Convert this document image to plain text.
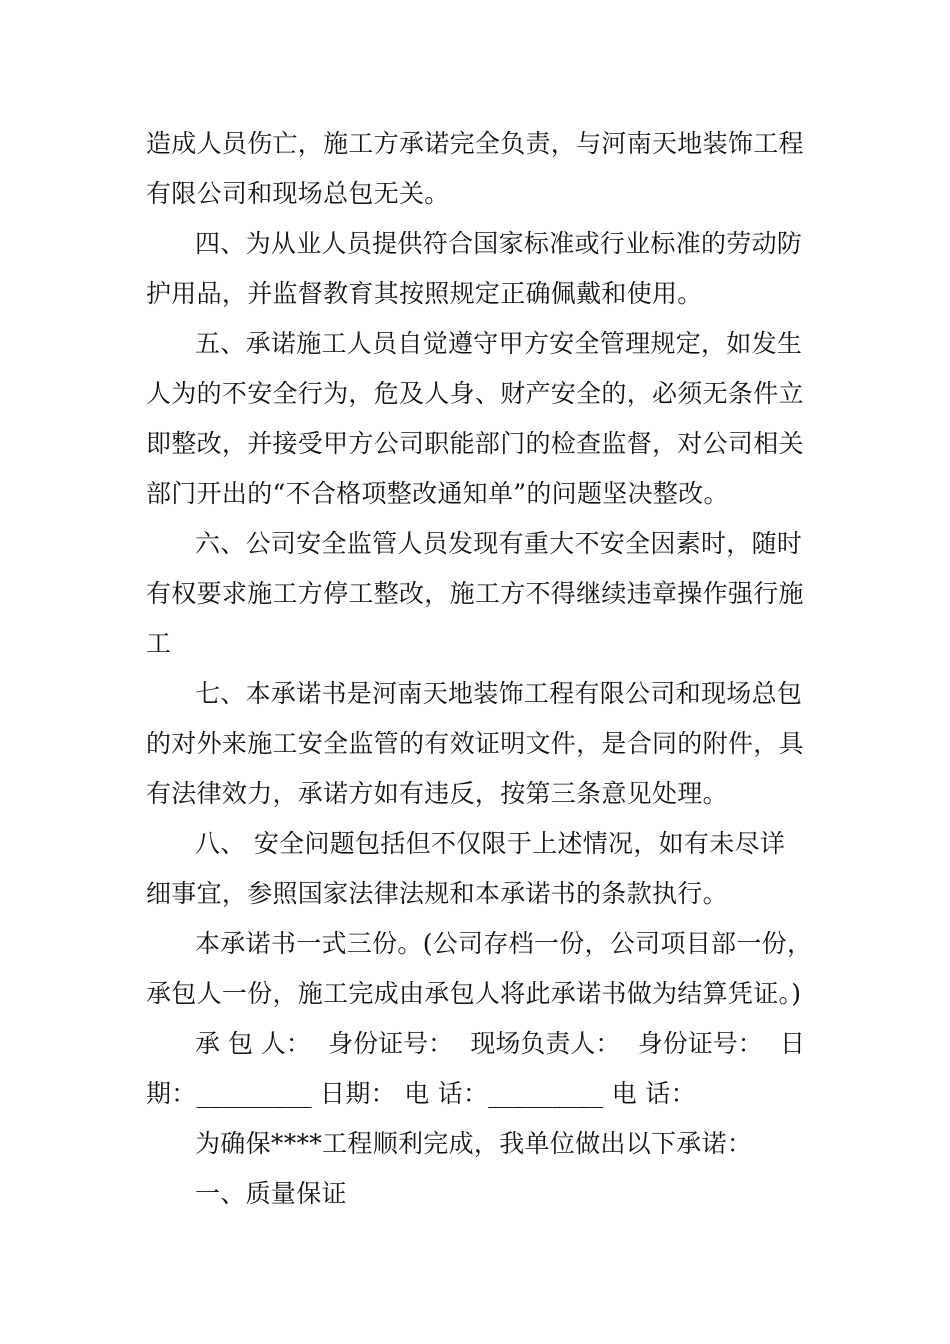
造成人员伤亡，施工方承诺完全负责，与河南天地装饰工程
有限公司和现场总包无关。
四、为从业人员提供符合国家标准或行业标准的劳动防
护用品，并监督教育其按照规定正确佩戴和使用。
五、承诺施工人员自觉遵守甲方安全管理规定，如发生
人为的不安全行为，危及人身、财产安全的，必须无条件立
即整改，并接受甲方公司职能部门的检查监督，对公司相关
部门开出的“不合格项整改通知单”的问题坚决整改。
六、公司安全监管人员发现有重大不安全因素时，随时
有权要求施工方停工整改，施工方不得继续违章操作强行施
工
七、本承诺书是河南天地装饰工程有限公司和现场总包
的对外来施工安全监管的有效证明文件，是合同的附件，具
有法律效力，承诺方如有违反，按第三条意见处理。
八、 安全问题包括但不仅限于上述情况，如有未尽详
细事宜，参照国家法律法规和本承诺书的条款执行。
本承诺书一式三份。(公司存档一份，公司项目部一份，
承包人一份，施工完成由承包人将此承诺书做为结算凭证。)
承 包 人： 身份证号： 现场负责人： 身份证号： 日
期：_________ 日期： 电 话：_________ 电 话：
为确保****工程顺利完成，我单位做出以下承诺：
一、质量保证
